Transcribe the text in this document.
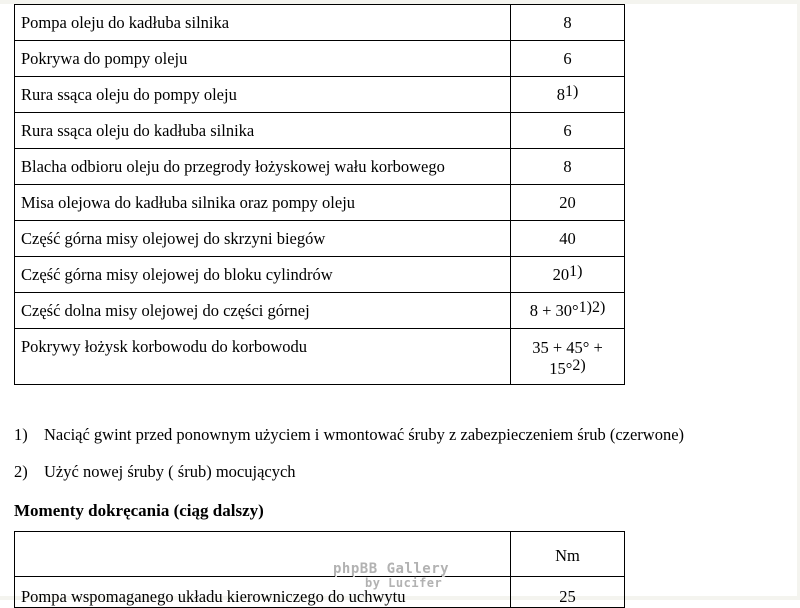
Pompa oleju do kadłuba silnika	8
Pokrywa do pompy oleju	6
Rura ssąca oleju do pompy oleju	8$^{1)}$
Rura ssąca oleju do kadłuba silnika	6
Blacha odbioru oleju do przegrody łożyskowej wału korbowego	8
Misa olejowa do kadłuba silnika oraz pompy oleju	20
Część górna misy olejowej do skrzyni biegów	40
Część górna misy olejowej do bloku cylindrów	20$^{1)}$
Część dolna misy olejowej do części górnej	8 + 30°$^{1)2)}$
Pokrywy łożysk korbowodu do korbowodu	35 + 45° +
15°$^{2)}$
1) Naciąć gwint przed ponownym użyciem i wmontować śruby z zabezpieczeniem śrub (czerwone)
2) Użyć nowej śruby ( śrub) mocujących
Momenty dokręcania (ciąg dalszy)
	Nm
Pompa wspomaganego układu kierowniczego do uchwytu	25
phpBB Gallery
by Lucifer
